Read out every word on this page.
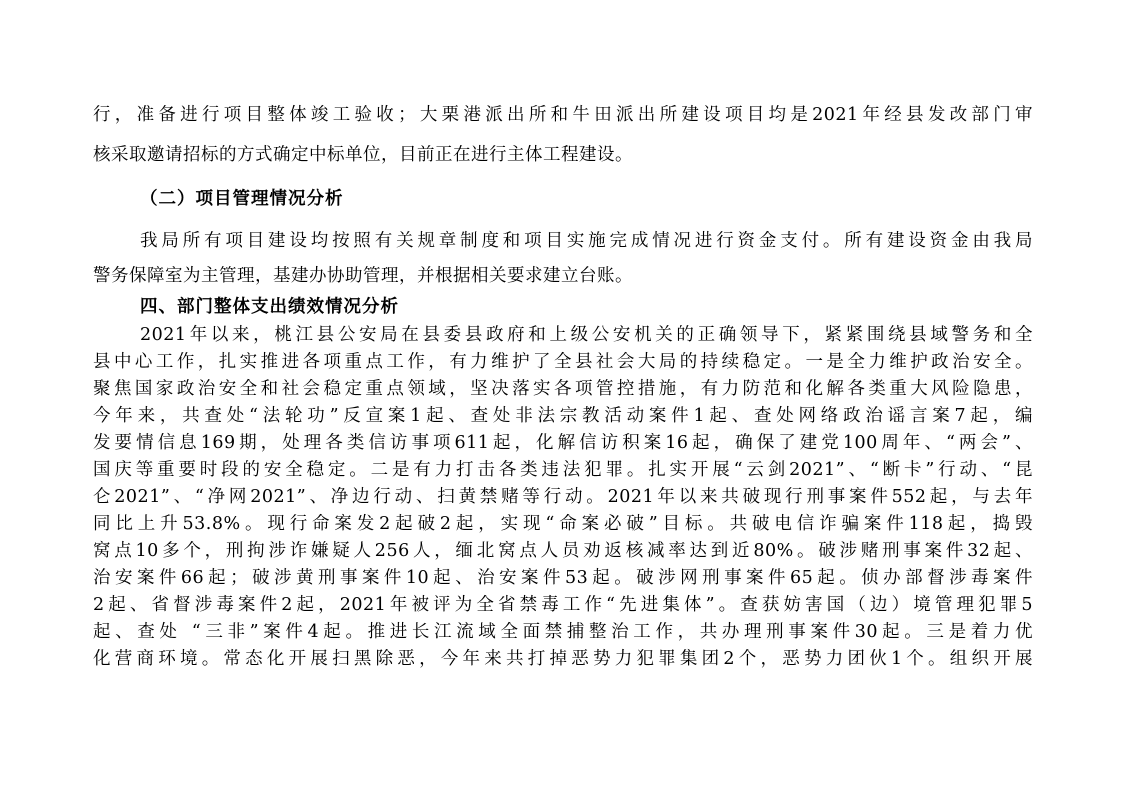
行，准备进行项目整体竣工验收；大栗港派出所和牛田派出所建设项目均是2021年经县发改部门审
核采取邀请招标的方式确定中标单位，目前正在进行主体工程建设。
（二）项目管理情况分析
我局所有项目建设均按照有关规章制度和项目实施完成情况进行资金支付。所有建设资金由我局
警务保障室为主管理，基建办协助管理，并根据相关要求建立台账。
四、部门整体支出绩效情况分析
2021年以来，桃江县公安局在县委县政府和上级公安机关的正确领导下，紧紧围绕县域警务和全
县中心工作，扎实推进各项重点工作，有力维护了全县社会大局的持续稳定。一是全力维护政治安全。
聚焦国家政治安全和社会稳定重点领域，坚决落实各项管控措施，有力防范和化解各类重大风险隐患，
今年来，共查处“法轮功”反宣案1起、查处非法宗教活动案件1起、查处网络政治谣言案7起，编
发要情信息169期，处理各类信访事项611起，化解信访积案16起，确保了建党100周年、“两会”、
国庆等重要时段的安全稳定。二是有力打击各类违法犯罪。扎实开展“云剑2021”、“断卡”行动、“昆
仑2021”、“净网2021”、净边行动、扫黄禁赌等行动。2021年以来共破现行刑事案件552起，与去年
同比上升53.8%。现行命案发2起破2起，实现“命案必破”目标。共破电信诈骗案件118起，捣毁
窝点10多个，刑拘涉诈嫌疑人256人，缅北窝点人员劝返核减率达到近80%。破涉赌刑事案件32起、
治安案件66起；破涉黄刑事案件10起、治安案件53起。破涉网刑事案件65起。侦办部督涉毒案件
2起、省督涉毒案件2起，2021年被评为全省禁毒工作“先进集体”。查获妨害国（边）境管理犯罪5
起、查处 “三非”案件4起。推进长江流域全面禁捕整治工作，共办理刑事案件30起。三是着力优
化营商环境。常态化开展扫黑除恶，今年来共打掉恶势力犯罪集团2个，恶势力团伙1个。组织开展
